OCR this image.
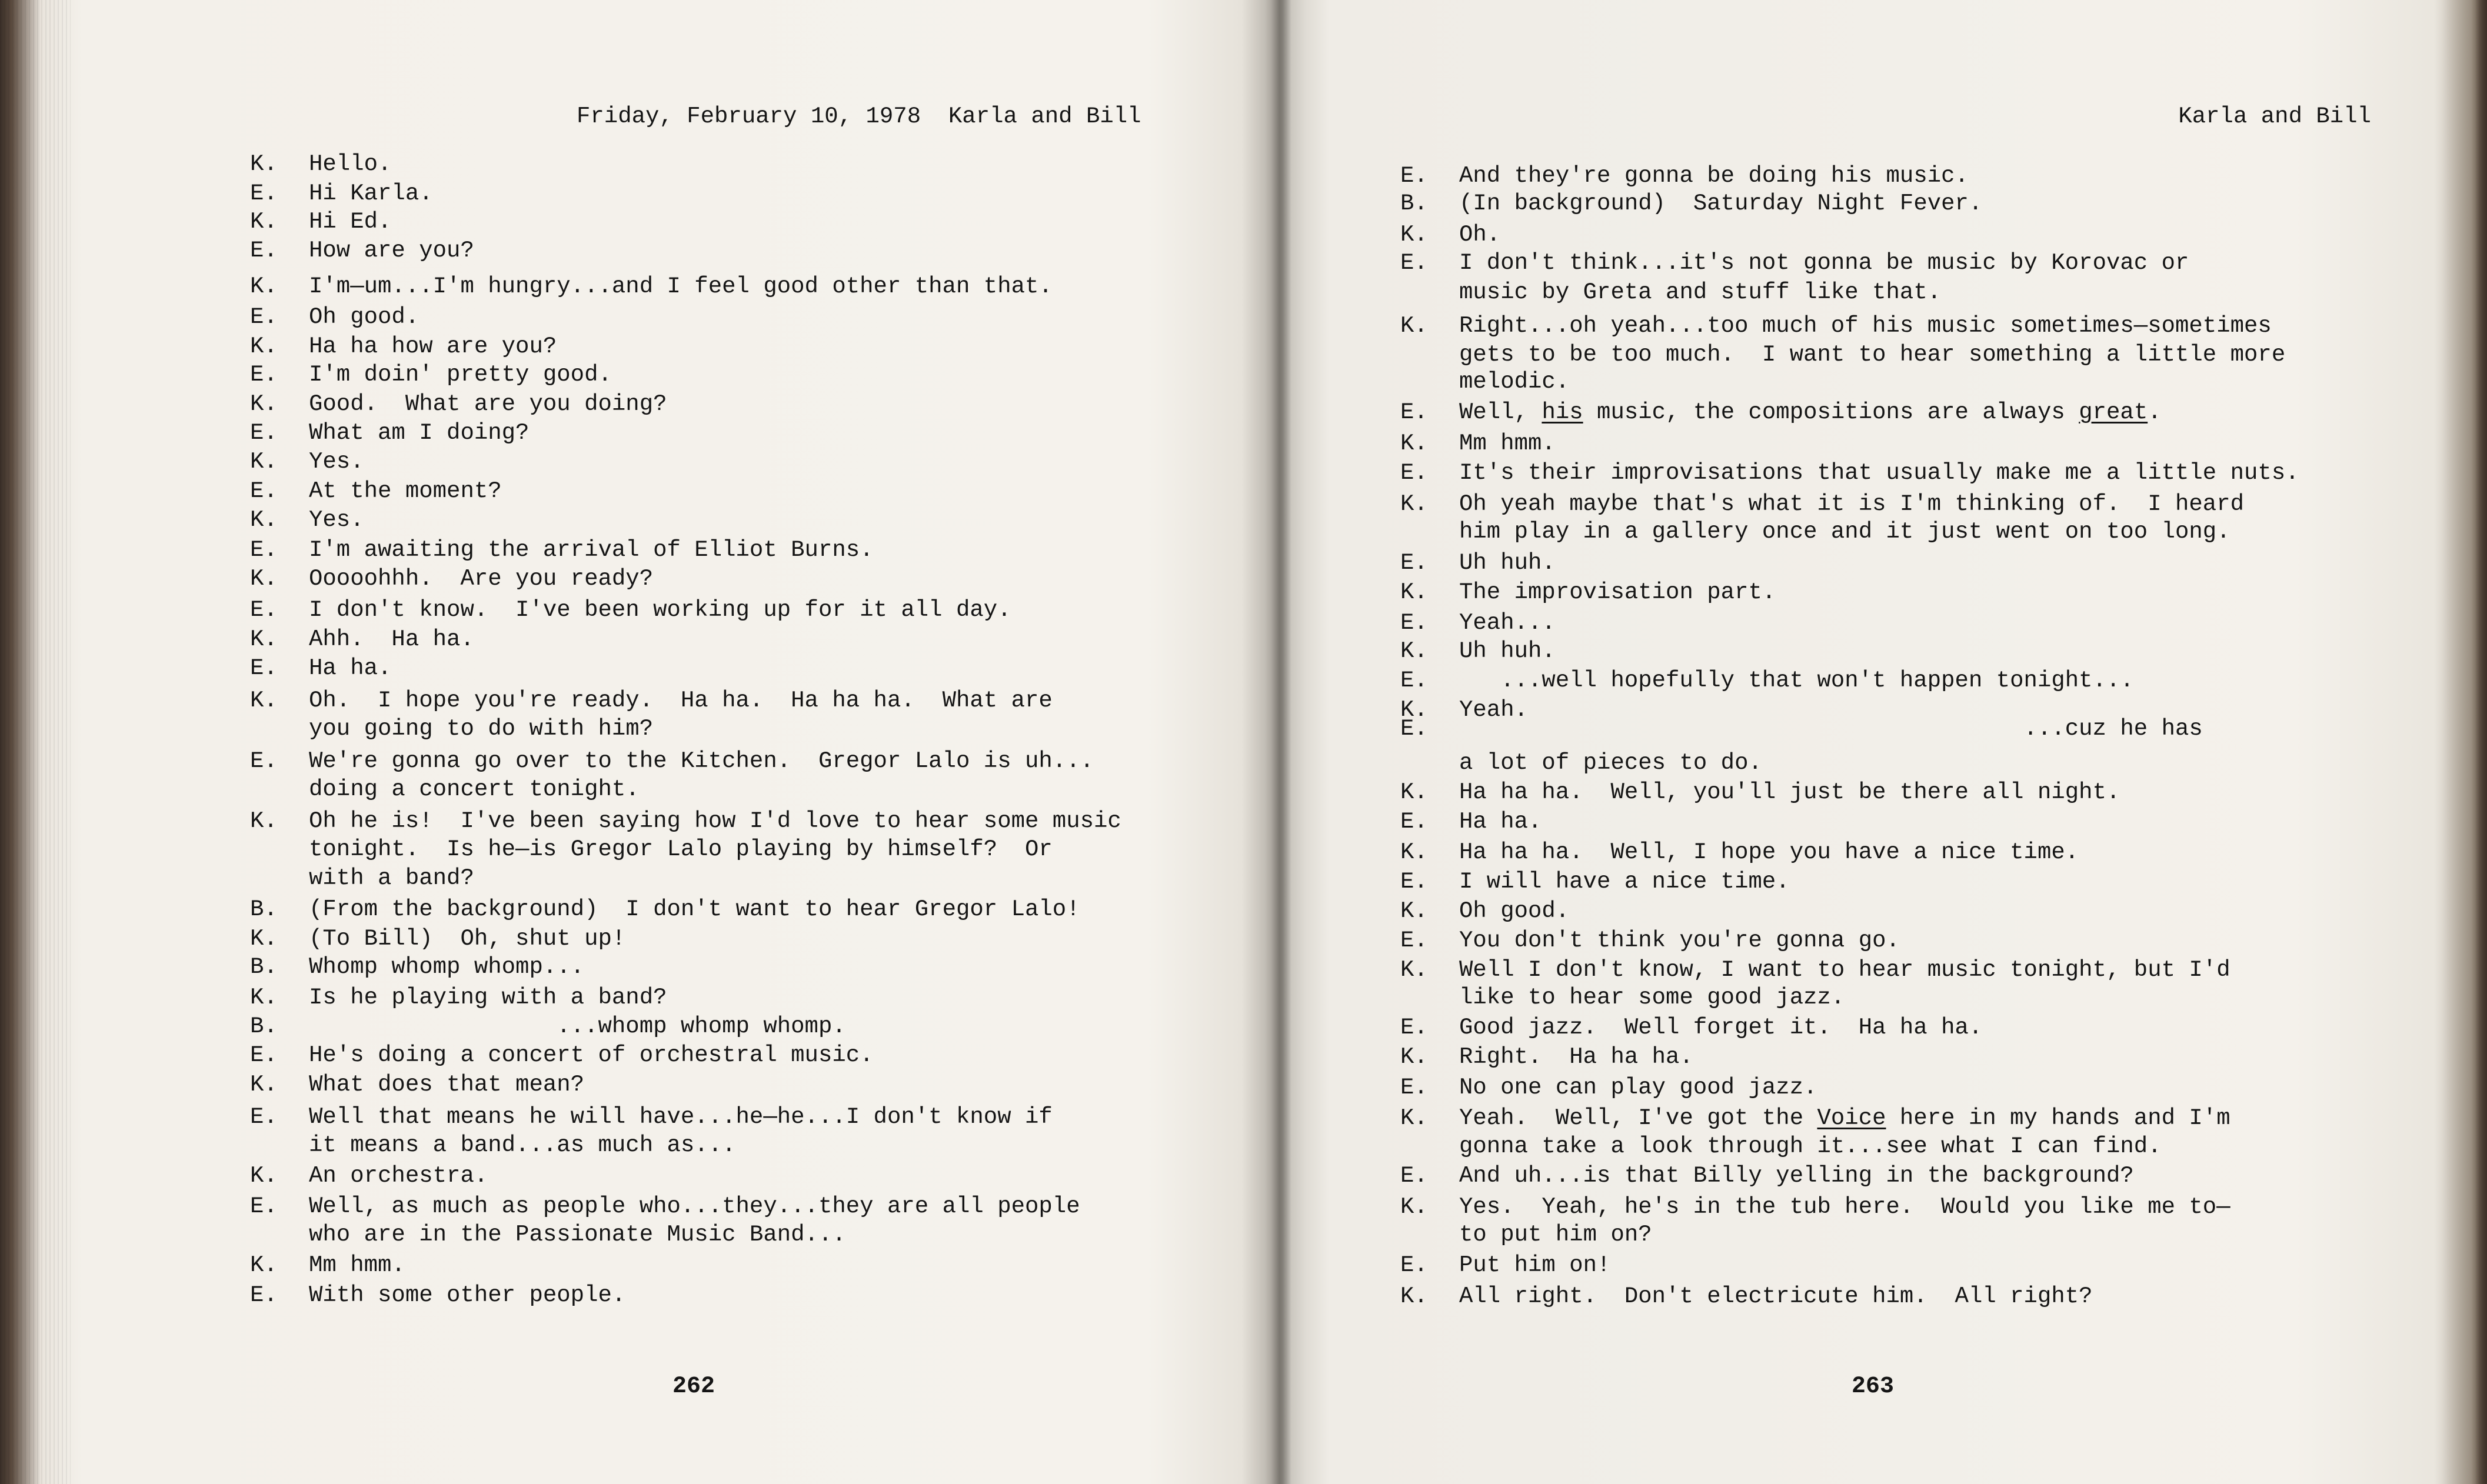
Friday, February 10, 1978  Karla and Bill
K. Hello.
E. Hi Karla.
K. Hi Ed.
E. How are you?
K. I'm—um...I'm hungry...and I feel good other than that.
E. Oh good.
K. Ha ha how are you?
E. I'm doin' pretty good.
K. Good.  What are you doing?
E. What am I doing?
K. Yes.
E. At the moment?
K. Yes.
E. I'm awaiting the arrival of Elliot Burns.
K. Ooooohhh.  Are you ready?
E. I don't know.  I've been working up for it all day.
K. Ahh.  Ha ha.
E. Ha ha.
K. Oh.  I hope you're ready.  Ha ha.  Ha ha ha.  What are
you going to do with him?
E. We're gonna go over to the Kitchen.  Gregor Lalo is uh...
doing a concert tonight.
K. Oh he is!  I've been saying how I'd love to hear some music
tonight.  Is he—is Gregor Lalo playing by himself?  Or
with a band?
B. (From the background)  I don't want to hear Gregor Lalo!
K. (To Bill)  Oh, shut up!
B. Whomp whomp whomp...
K. Is he playing with a band?
B.                  ...whomp whomp whomp.
E. He's doing a concert of orchestral music.
K. What does that mean?
E. Well that means he will have...he—he...I don't know if
it means a band...as much as...
K. An orchestra.
E. Well, as much as people who...they...they are all people
who are in the Passionate Music Band...
K. Mm hmm.
E. With some other people.
262
Karla and Bill
E. And they're gonna be doing his music.
B. (In background)  Saturday Night Fever.
K. Oh.
E. I don't think...it's not gonna be music by Korovac or
music by Greta and stuff like that.
K. Right...oh yeah...too much of his music sometimes—sometimes
gets to be too much.  I want to hear something a little more
melodic.
E. Well, his music, the compositions are always great.
K. Mm hmm.
E. It's their improvisations that usually make me a little nuts.
K. Oh yeah maybe that's what it is I'm thinking of.  I heard
him play in a gallery once and it just went on too long.
E. Uh huh.
K. The improvisation part.
E. Yeah...
K. Uh huh.
E.   ...well hopefully that won't happen tonight...
K. Yeah.
E.                                         ...cuz he has
a lot of pieces to do.
K. Ha ha ha.  Well, you'll just be there all night.
E. Ha ha.
K. Ha ha ha.  Well, I hope you have a nice time.
E. I will have a nice time.
K. Oh good.
E. You don't think you're gonna go.
K. Well I don't know, I want to hear music tonight, but I'd
like to hear some good jazz.
E. Good jazz.  Well forget it.  Ha ha ha.
K. Right.  Ha ha ha.
E. No one can play good jazz.
K. Yeah.  Well, I've got the Voice here in my hands and I'm
gonna take a look through it...see what I can find.
E. And uh...is that Billy yelling in the background?
K. Yes.  Yeah, he's in the tub here.  Would you like me to—
to put him on?
E. Put him on!
K. All right.  Don't electricute him.  All right?
263
